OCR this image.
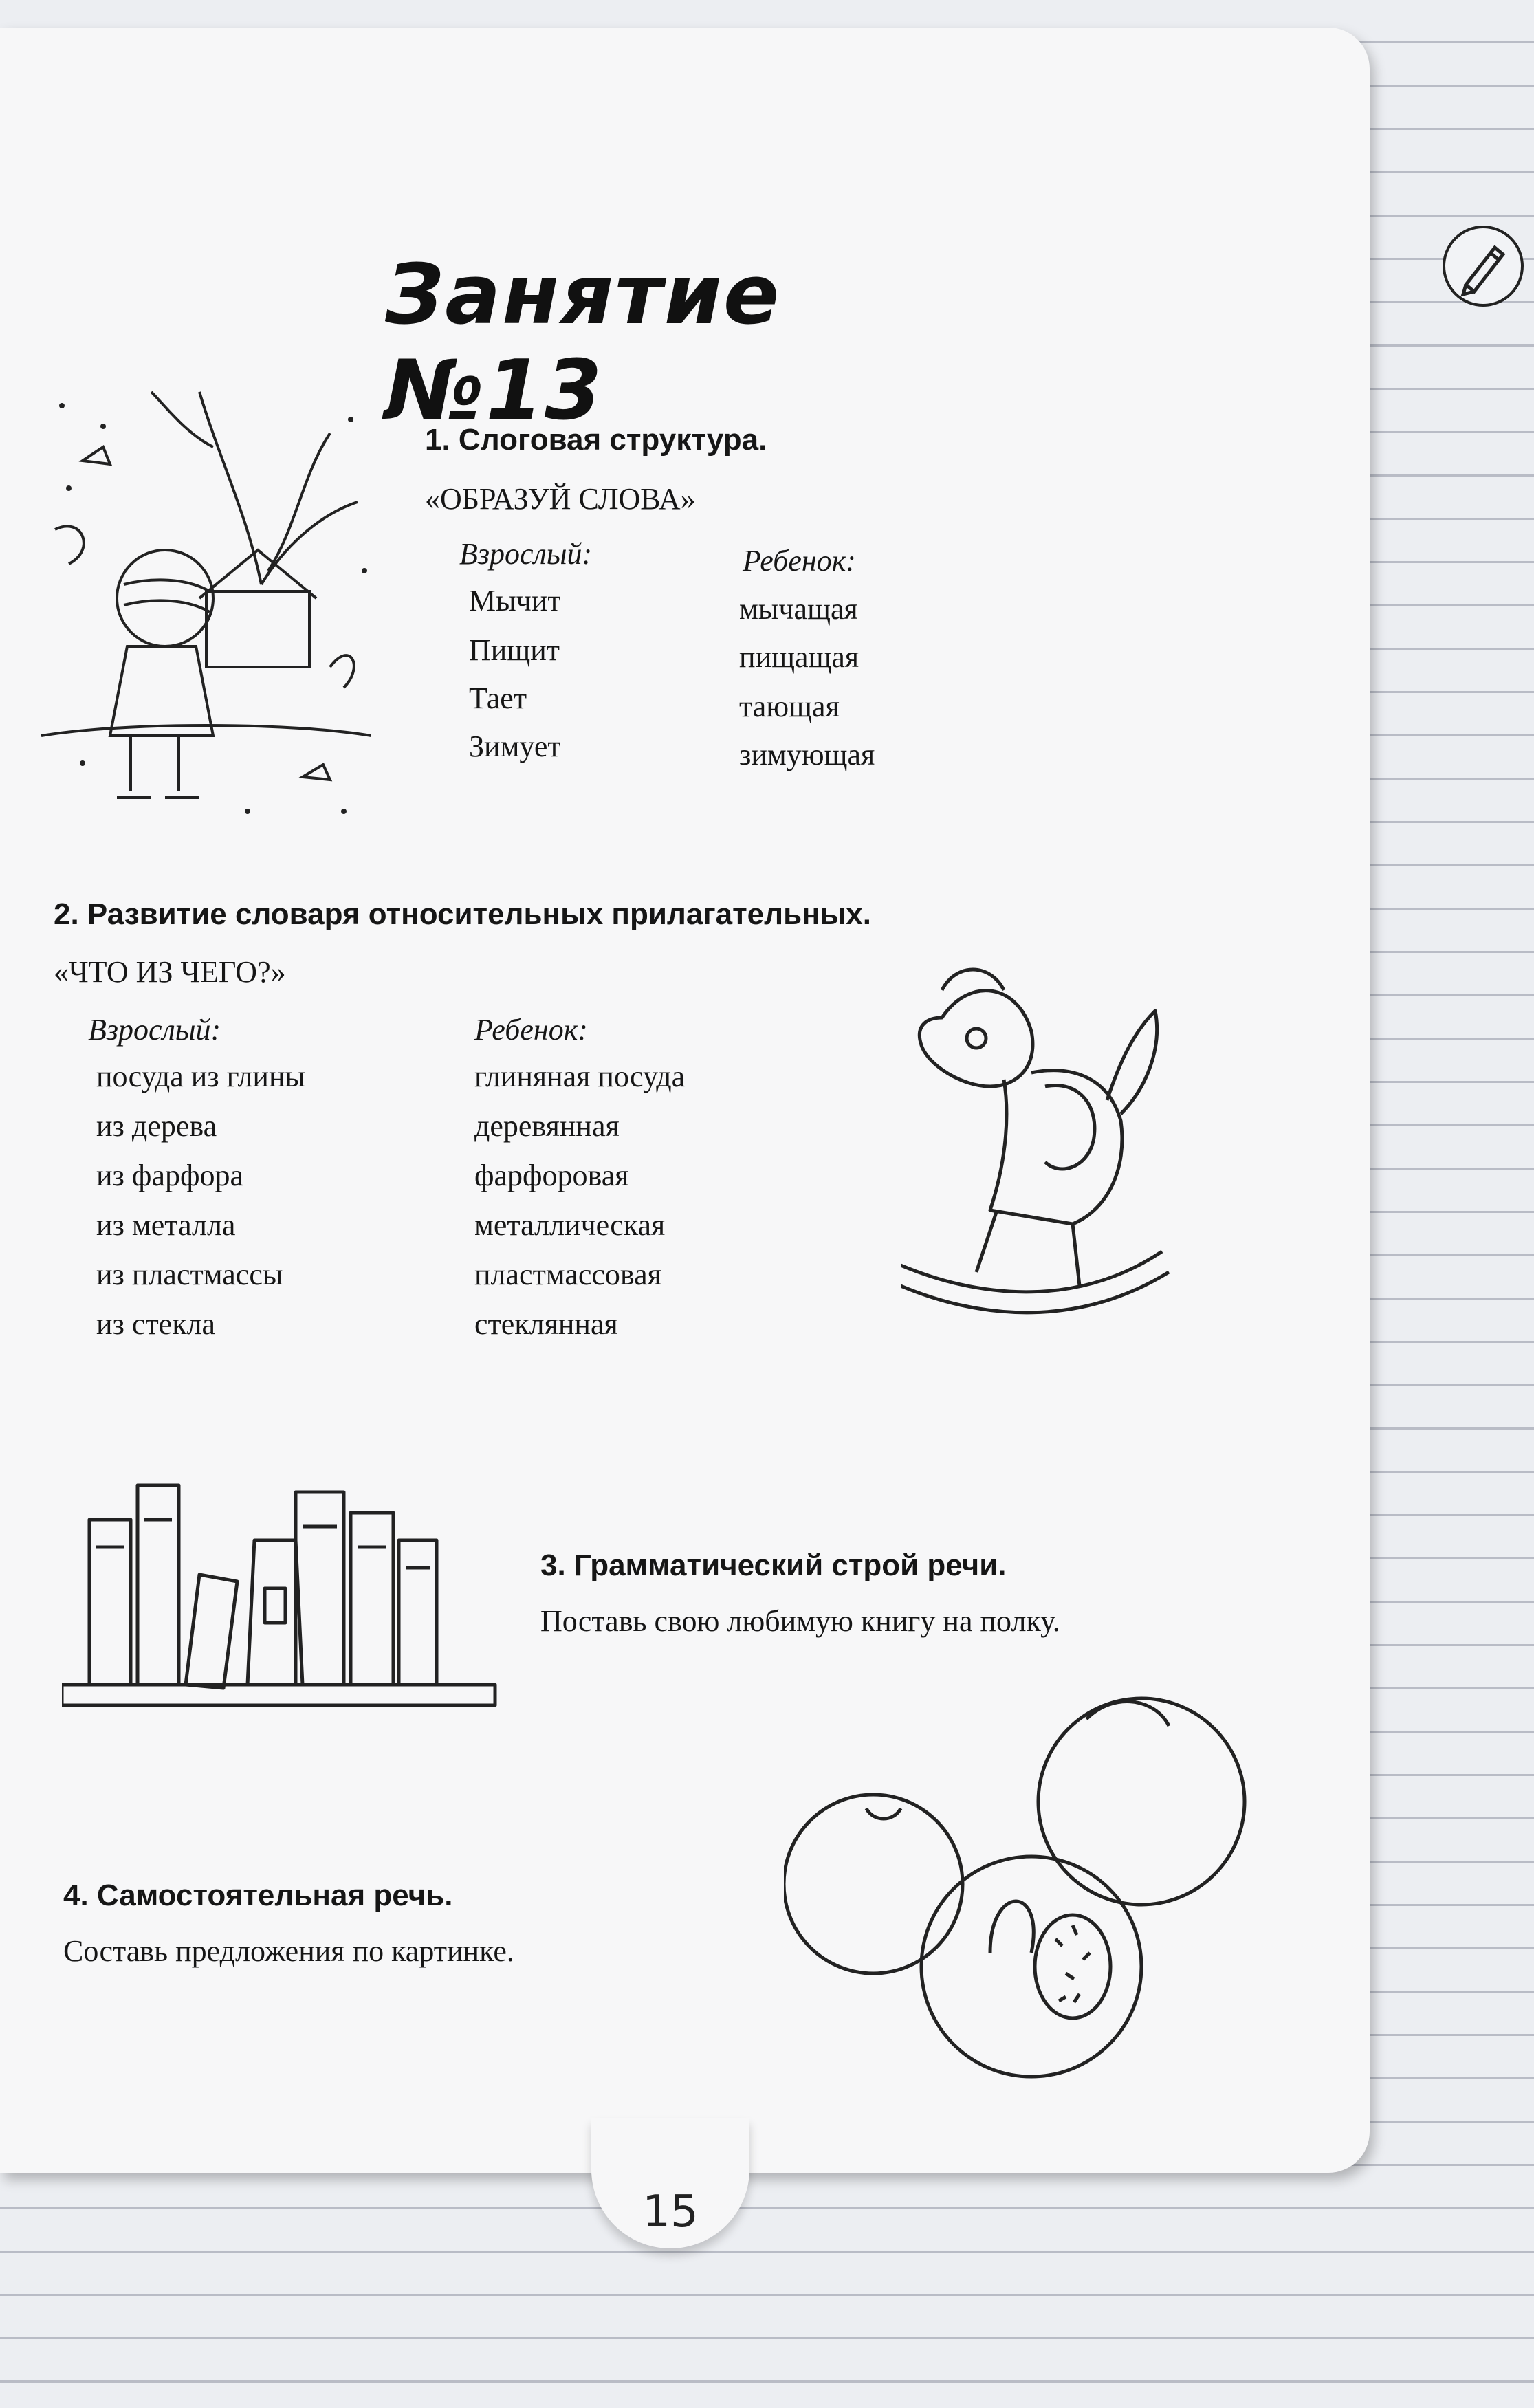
Занятие №13
1. Слоговая структура.
«ОБРАЗУЙ СЛОВА»
Взрослый:	Ребенок:
Мычит
Пищит
Тает
Зимует
мычащая
пищащая
тающая
зимующая
2. Развитие словаря относительных прилагательных.
«ЧТО ИЗ ЧЕГО?»
Взрослый:	Ребенок:
посуда из глины
из дерева
из фарфора
из металла
из пластмассы
из стекла
глиняная посуда
деревянная
фарфоровая
металлическая
пластмассовая
стеклянная
3. Грамматический строй речи.
Поставь свою любимую книгу на полку.
4. Самостоятельная речь.
Составь предложения по картинке.
15
